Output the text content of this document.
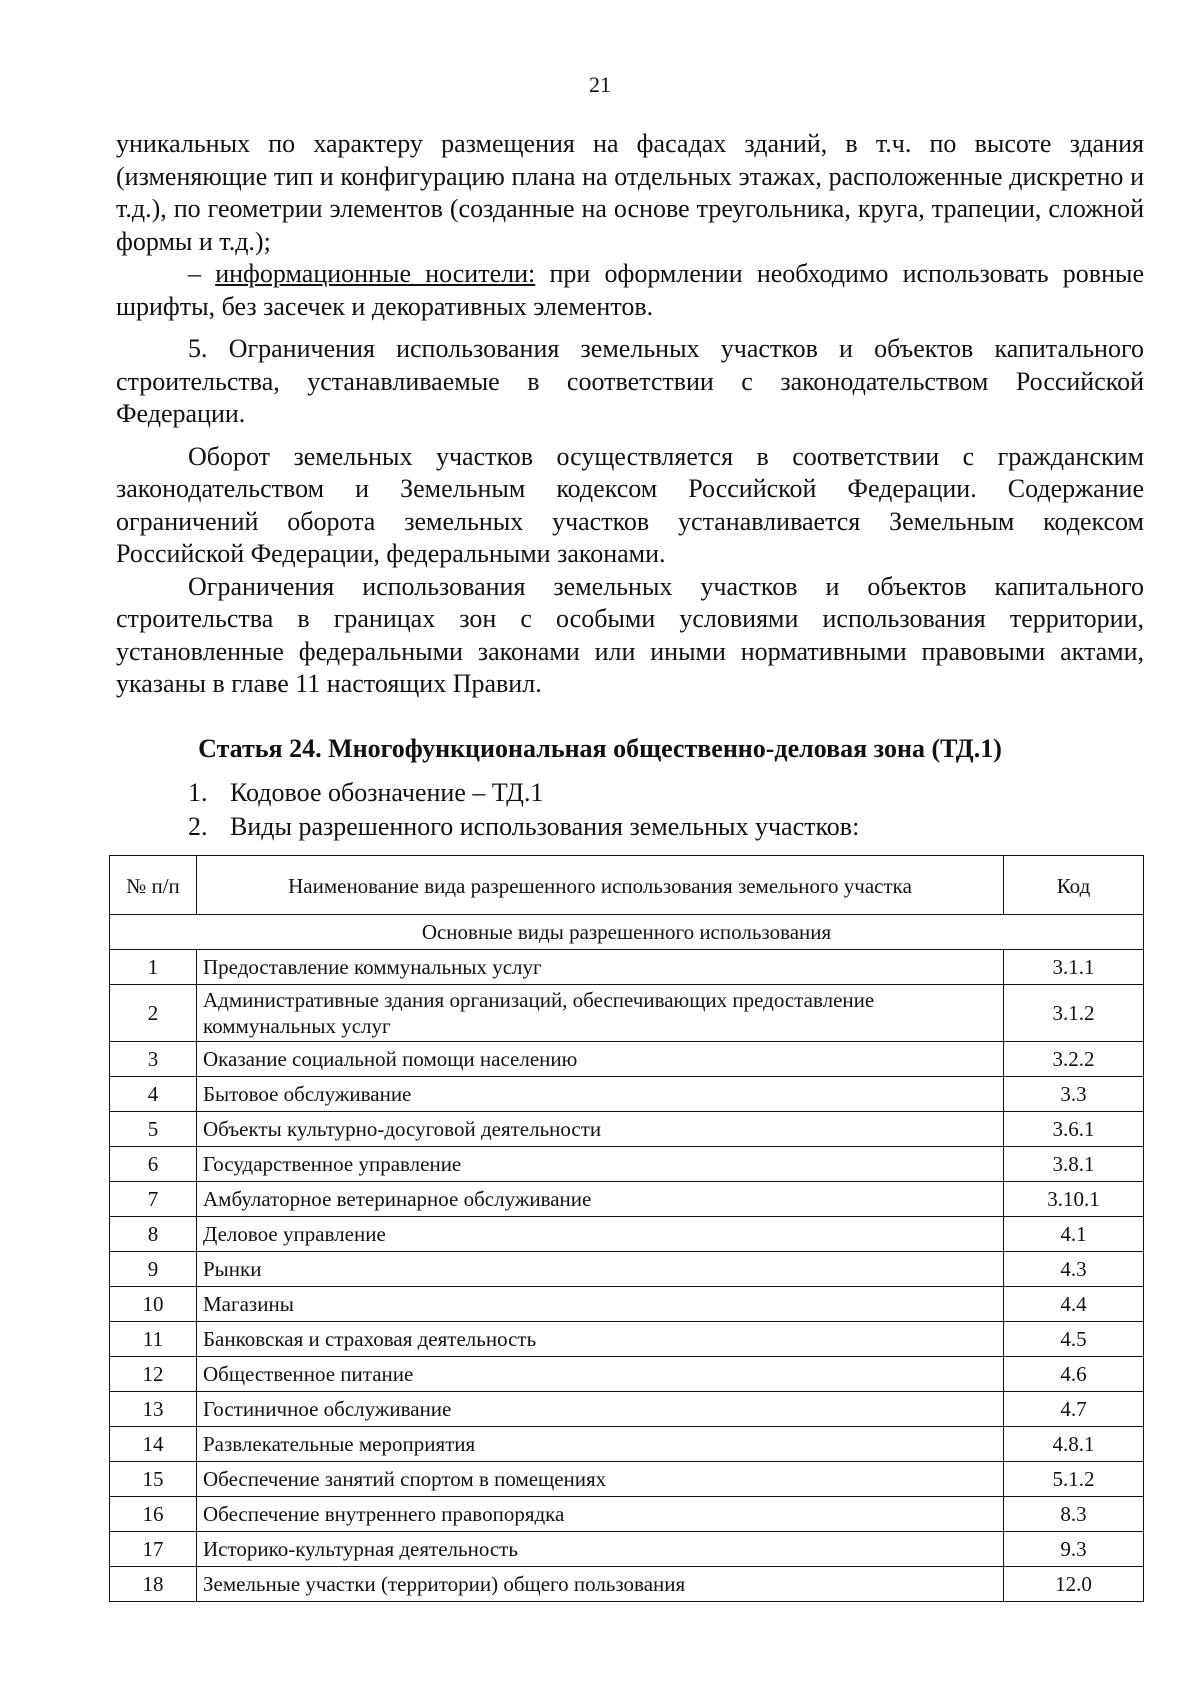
21

уникальных по характеру размещения на фасадах зданий, в т.ч. по высоте здания (изменяющие тип и конфигурацию плана на отдельных этажах, расположенные дискретно и т.д.), по геометрии элементов (созданные на основе треугольника, круга, трапеции, сложной формы и т.д.);

– информационные носители: при оформлении необходимо использовать ровные шрифты, без засечек и декоративных элементов.

5. Ограничения использования земельных участков и объектов капитального строительства, устанавливаемые в соответствии с законодательством Российской Федерации.

Оборот земельных участков осуществляется в соответствии с гражданским законодательством и Земельным кодексом Российской Федерации. Содержание ограничений оборота земельных участков устанавливается Земельным кодексом Российской Федерации, федеральными законами.

Ограничения использования земельных участков и объектов капитального строительства в границах зон с особыми условиями использования территории, установленные федеральными законами или иными нормативными правовыми актами, указаны в главе 11 настоящих Правил.

Статья 24. Многофункциональная общественно-деловая зона (ТД.1)
1. Кодовое обозначение – ТД.1
2. Виды разрешенного использования земельных участков:
№ п/п	Наименование вида разрешенного использования земельного участка	Код
Основные виды разрешенного использования		
1	Предоставление коммунальных услуг	3.1.1
2	Административные здания организаций, обеспечивающих предоставление коммунальных услуг	3.1.2
3	Оказание социальной помощи населению	3.2.2
4	Бытовое обслуживание	3.3
5	Объекты культурно-досуговой деятельности	3.6.1
6	Государственное управление	3.8.1
7	Амбулаторное ветеринарное обслуживание	3.10.1
8	Деловое управление	4.1
9	Рынки	4.3
10	Магазины	4.4
11	Банковская и страховая деятельность	4.5
12	Общественное питание	4.6
13	Гостиничное обслуживание	4.7
14	Развлекательные мероприятия	4.8.1
15	Обеспечение занятий спортом в помещениях	5.1.2
16	Обеспечение внутреннего правопорядка	8.3
17	Историко-культурная деятельность	9.3
18	Земельные участки (территории) общего пользования	12.0
